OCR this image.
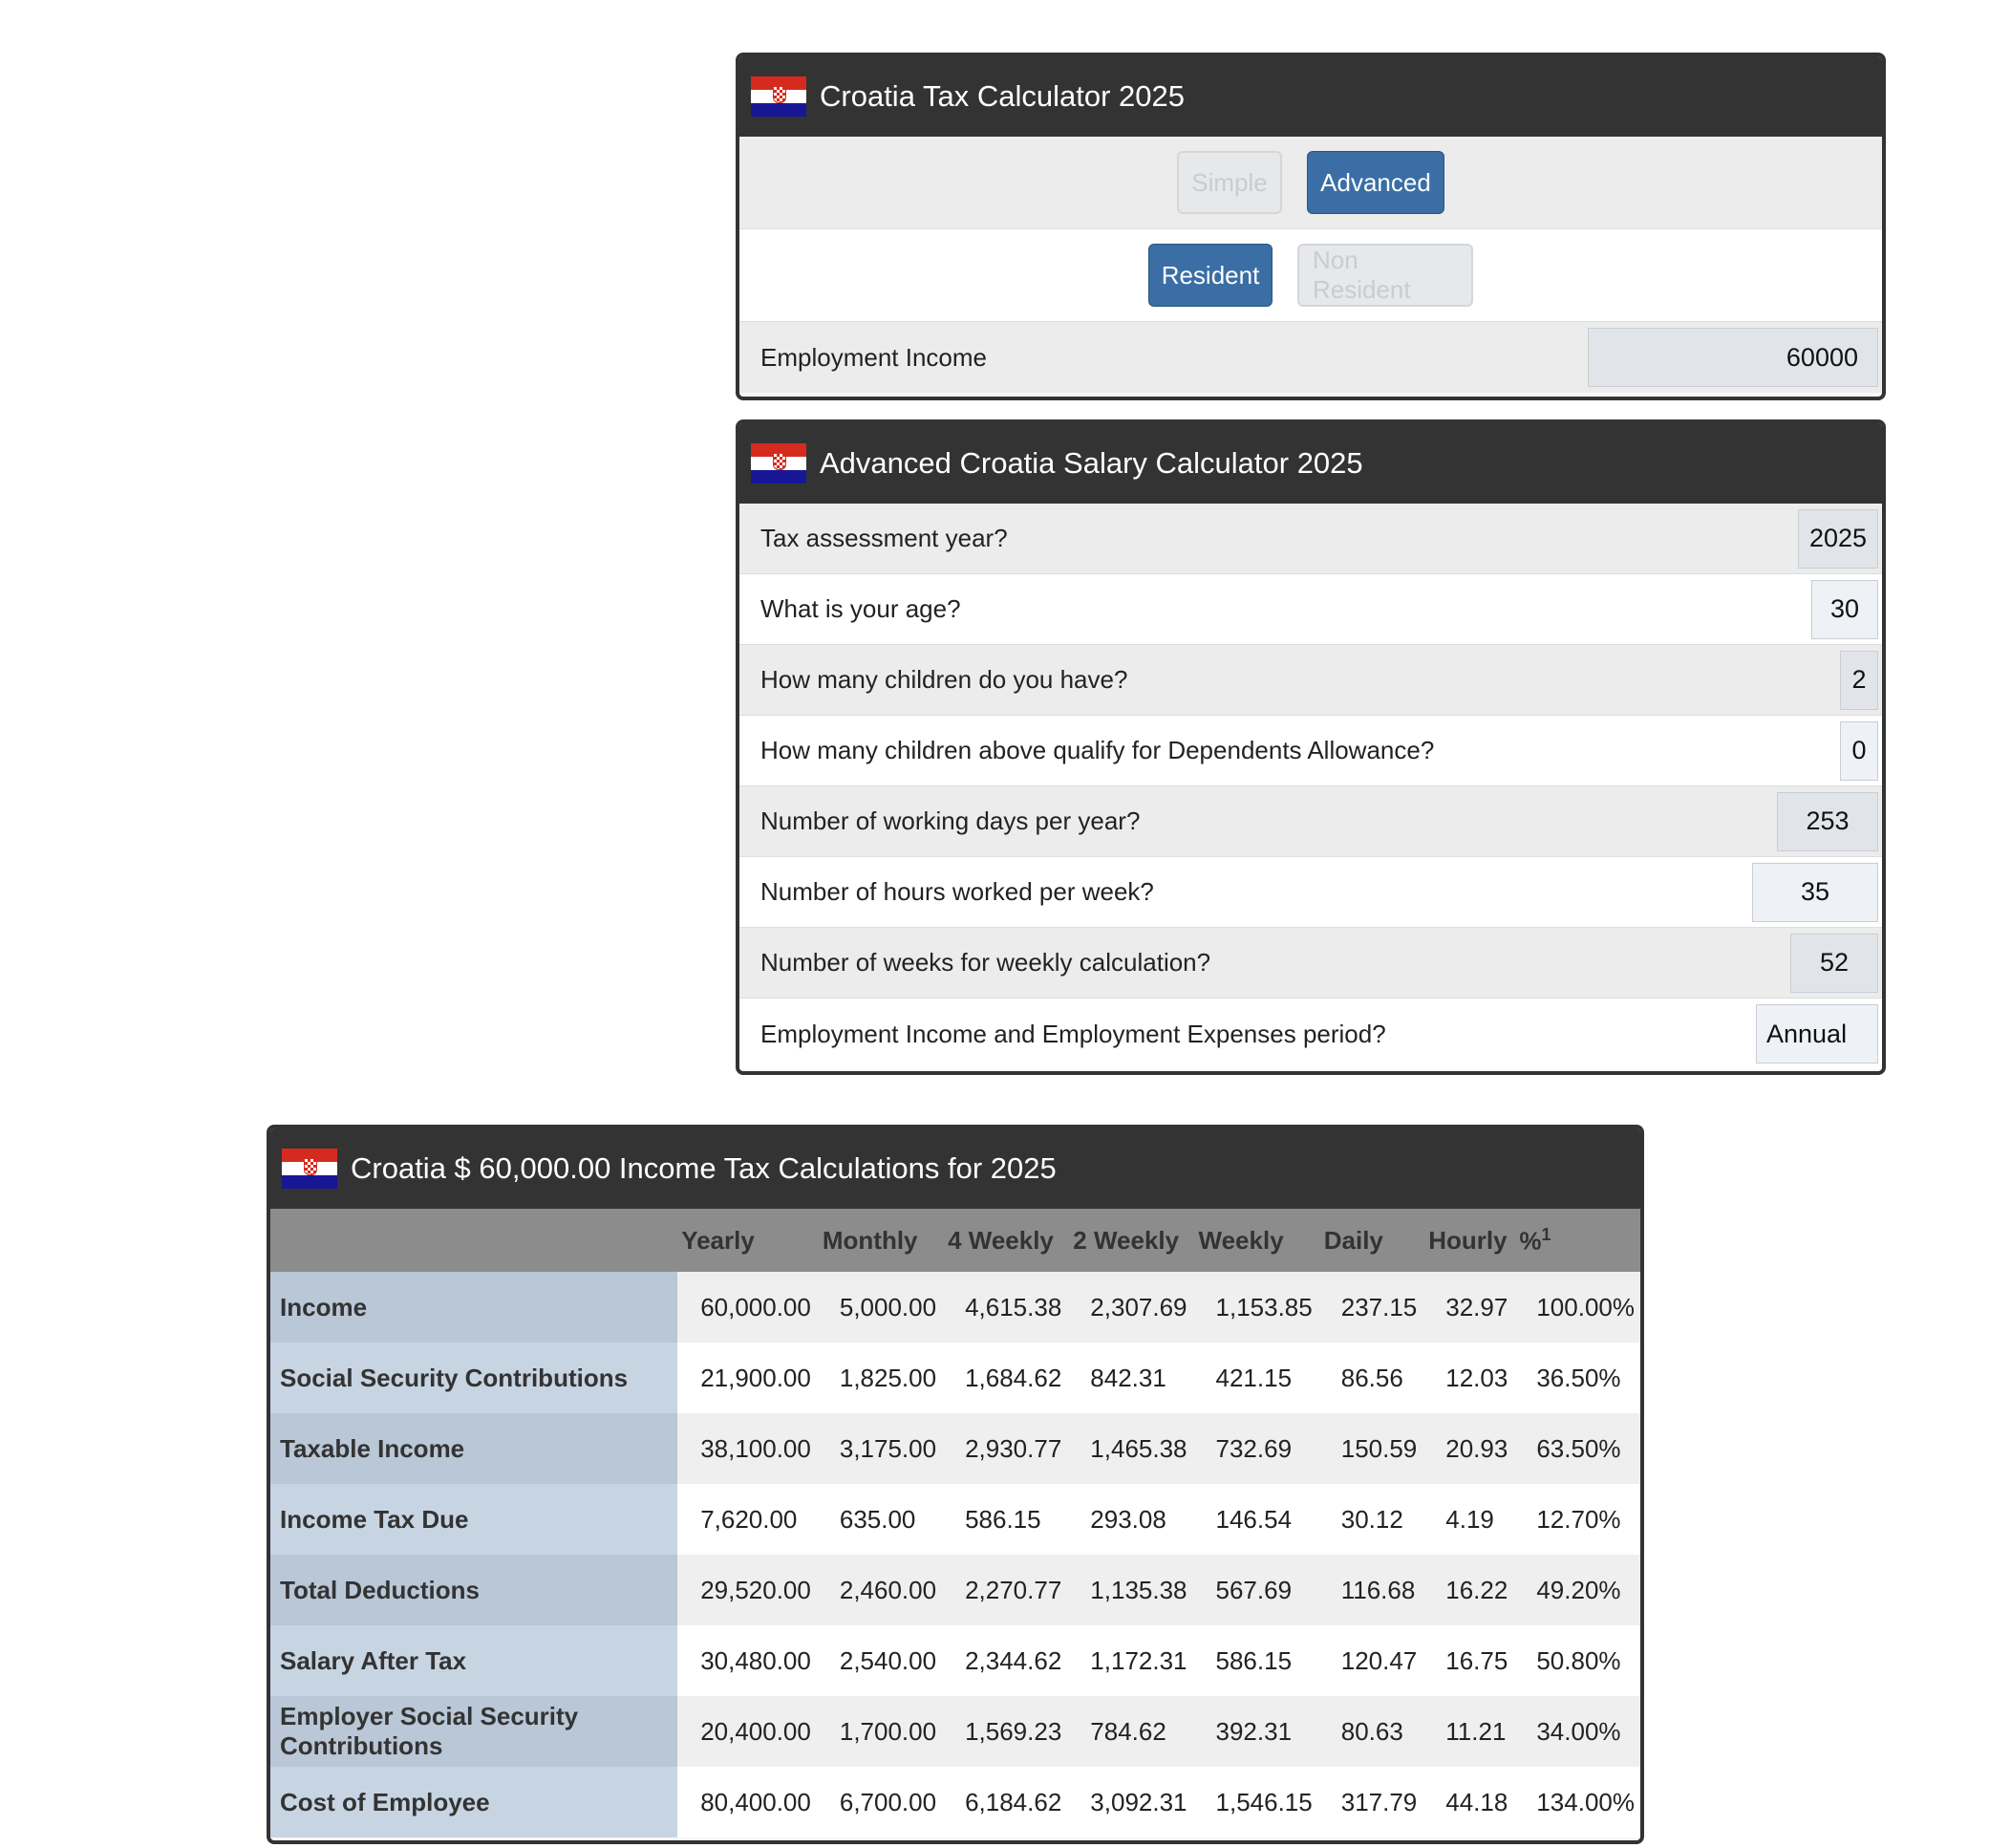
Croatia Tax Calculator 2025
Simple	Advanced
Resident
Non Resident
Employment Income	60000
Advanced Croatia Salary Calculator 2025
Tax assessment year?	2025
What is your age?	30
How many children do you have?	2
How many children above qualify for Dependents Allowance?	0
Number of working days per year?	253
Number of hours worked per week?	35
Number of weeks for weekly calculation?	52
Employment Income and Employment Expenses period?	Annual
Croatia $ 60,000.00 Income Tax Calculations for 2025
	Yearly	Monthly	4 Weekly	2 Weekly	Weekly	Daily	Hourly	%$^1$
Income	60,000.00	5,000.00	4,615.38	2,307.69	1,153.85	237.15	32.97	100.00%
Social Security Contributions	21,900.00	1,825.00	1,684.62	842.31	421.15	86.56	12.03	36.50%
Taxable Income	38,100.00	3,175.00	2,930.77	1,465.38	732.69	150.59	20.93	63.50%
Income Tax Due	7,620.00	635.00	586.15	293.08	146.54	30.12	4.19	12.70%
Total Deductions	29,520.00	2,460.00	2,270.77	1,135.38	567.69	116.68	16.22	49.20%
Salary After Tax	30,480.00	2,540.00	2,344.62	1,172.31	586.15	120.47	16.75	50.80%
Employer Social Security Contributions	20,400.00	1,700.00	1,569.23	784.62	392.31	80.63	11.21	34.00%
Cost of Employee	80,400.00	6,700.00	6,184.62	3,092.31	1,546.15	317.79	44.18	134.00%
